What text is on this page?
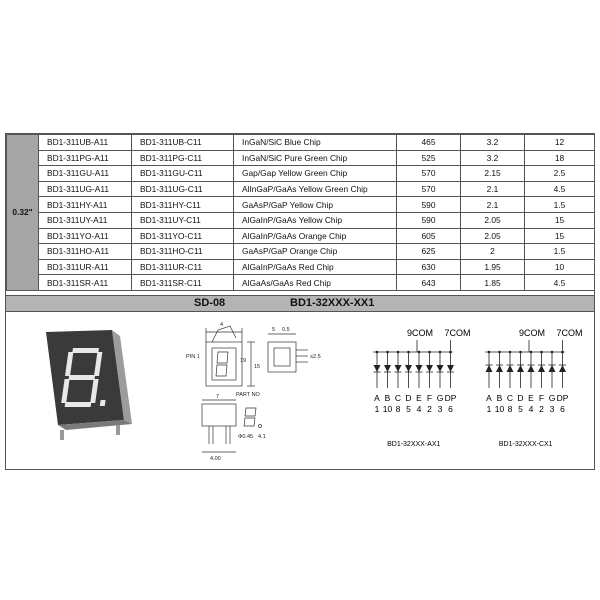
0.32"	BD1-311UB-A11	BD1-311UB-C11	InGaN/SiC Blue Chip	465	3.2	12
	BD1-311PG-A11	BD1-311PG-C11	InGaN/SiC Pure Green Chip	525	3.2	18
	BD1-311GU-A11	BD1-311GU-C11	Gap/Gap Yellow Green Chip	570	2.15	2.5
	BD1-311UG-A11	BD1-311UG-C11	AlInGaP/GaAs Yellow Green Chip	570	2.1	4.5
	BD1-311HY-A11	BD1-311HY-C11	GaAsP/GaP Yellow Chip	590	2.1	1.5
	BD1-311UY-A11	BD1-311UY-C11	AlGaInP/GaAs Yellow Chip	590	2.05	15
	BD1-311YO-A11	BD1-311YO-C11	AlGaInP/GaAs Orange Chip	605	2.05	15
	BD1-311HO-A11	BD1-311HO-C11	GaAsP/GaP Orange Chip	625	2	1.5
	BD1-311UR-A11	BD1-311UR-C11	AlGaInP/GaAs Red Chip	630	1.95	10
	BD1-311SR-A11	BD1-311SR-C11	AlGaAs/GaAs Red Chip	643	1.85	4.5
SD-08	BD1-32XXX-XX1
PIN 1
PART NO
4
5 0.5
7
Φ0.45
4.00
19
15
4.1
≤2.5
9COM 7COM
A
1
B
10
C
8
D
5
E
4
F
2
G
3
DP
6
BD1-32XXX-AX1
9COM 7COM
A
1
B
10
C
8
D
5
E
4
F
2
G
3
DP
6
BD1-32XXX-CX1
